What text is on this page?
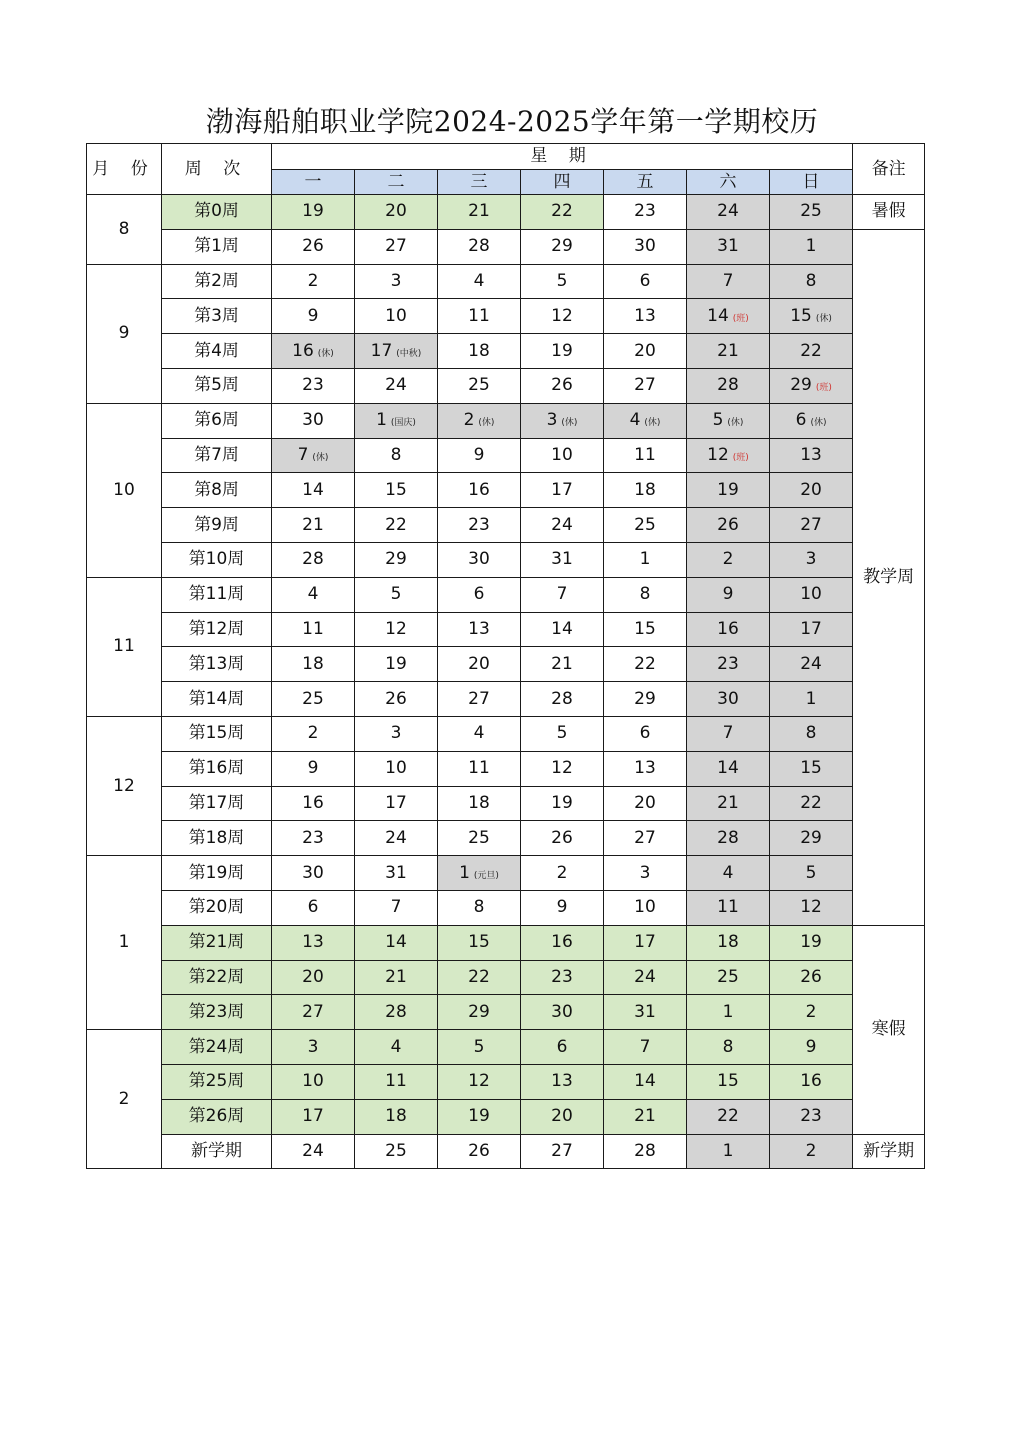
渤海船舶职业学院2024-2025学年第一学期校历
月 份	周 次	星 期							备注
		一	二	三	四	五	六	日	
8	第0周	19	20	21	22	23	24	25	暑假
	第1周	26	27	28	29	30	31	1	教学周
9	第2周	2	3	4	5	6	7	8	
	第3周	9	10	11	12	13	14 (班)	15 (休)	
	第4周	16 (休)	17 (中秋)	18	19	20	21	22	
	第5周	23	24	25	26	27	28	29 (班)	
10	第6周	30	1 (国庆)	2 (休)	3 (休)	4 (休)	5 (休)	6 (休)	
	第7周	7 (休)	8	9	10	11	12 (班)	13	
	第8周	14	15	16	17	18	19	20	
	第9周	21	22	23	24	25	26	27	
	第10周	28	29	30	31	1	2	3	
11	第11周	4	5	6	7	8	9	10	
	第12周	11	12	13	14	15	16	17	
	第13周	18	19	20	21	22	23	24	
	第14周	25	26	27	28	29	30	1	
12	第15周	2	3	4	5	6	7	8	
	第16周	9	10	11	12	13	14	15	
	第17周	16	17	18	19	20	21	22	
	第18周	23	24	25	26	27	28	29	
1	第19周	30	31	1 (元旦)	2	3	4	5	
	第20周	6	7	8	9	10	11	12	
	第21周	13	14	15	16	17	18	19	寒假
	第22周	20	21	22	23	24	25	26	
	第23周	27	28	29	30	31	1	2	
2	第24周	3	4	5	6	7	8	9	
	第25周	10	11	12	13	14	15	16	
	第26周	17	18	19	20	21	22	23	
	新学期	24	25	26	27	28	1	2	新学期
